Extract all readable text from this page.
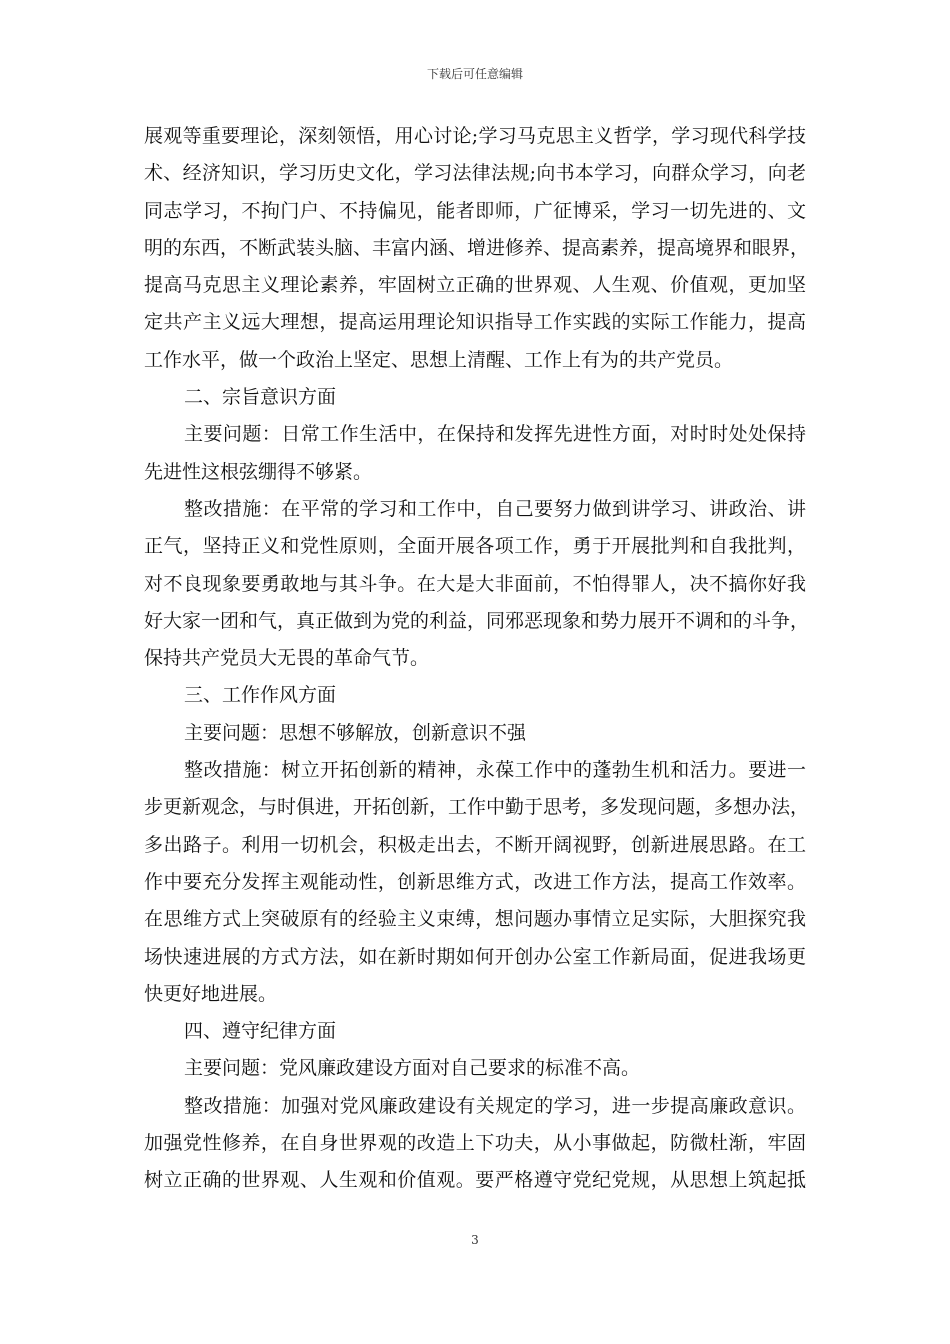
下载后可任意编辑
展观等重要理论，深刻领悟，用心讨论;学习马克思主义哲学，学习现代科学技
术、经济知识，学习历史文化，学习法律法规;向书本学习，向群众学习，向老
同志学习，不拘门户、不持偏见，能者即师，广征博采，学习一切先进的、文
明的东西，不断武装头脑、丰富内涵、增进修养、提高素养，提高境界和眼界，
提高马克思主义理论素养，牢固树立正确的世界观、人生观、价值观，更加坚
定共产主义远大理想，提高运用理论知识指导工作实践的实际工作能力，提高
工作水平，做一个政治上坚定、思想上清醒、工作上有为的共产党员。
二、宗旨意识方面
主要问题：日常工作生活中，在保持和发挥先进性方面，对时时处处保持
先进性这根弦绷得不够紧。
整改措施：在平常的学习和工作中，自己要努力做到讲学习、讲政治、讲
正气，坚持正义和党性原则，全面开展各项工作，勇于开展批判和自我批判，
对不良现象要勇敢地与其斗争。在大是大非面前，不怕得罪人，决不搞你好我
好大家一团和气，真正做到为党的利益，同邪恶现象和势力展开不调和的斗争，
保持共产党员大无畏的革命气节。
三、工作作风方面
主要问题：思想不够解放，创新意识不强
整改措施：树立开拓创新的精神，永葆工作中的蓬勃生机和活力。要进一
步更新观念，与时俱进，开拓创新，工作中勤于思考，多发现问题，多想办法，
多出路子。利用一切机会，积极走出去，不断开阔视野，创新进展思路。在工
作中要充分发挥主观能动性，创新思维方式，改进工作方法，提高工作效率。
在思维方式上突破原有的经验主义束缚，想问题办事情立足实际，大胆探究我
场快速进展的方式方法，如在新时期如何开创办公室工作新局面，促进我场更
快更好地进展。
四、遵守纪律方面
主要问题：党风廉政建设方面对自己要求的标准不高。
整改措施：加强对党风廉政建设有关规定的学习，进一步提高廉政意识。
加强党性修养，在自身世界观的改造上下功夫，从小事做起，防微杜渐，牢固
树立正确的世界观、人生观和价值观。要严格遵守党纪党规，从思想上筑起抵
3
